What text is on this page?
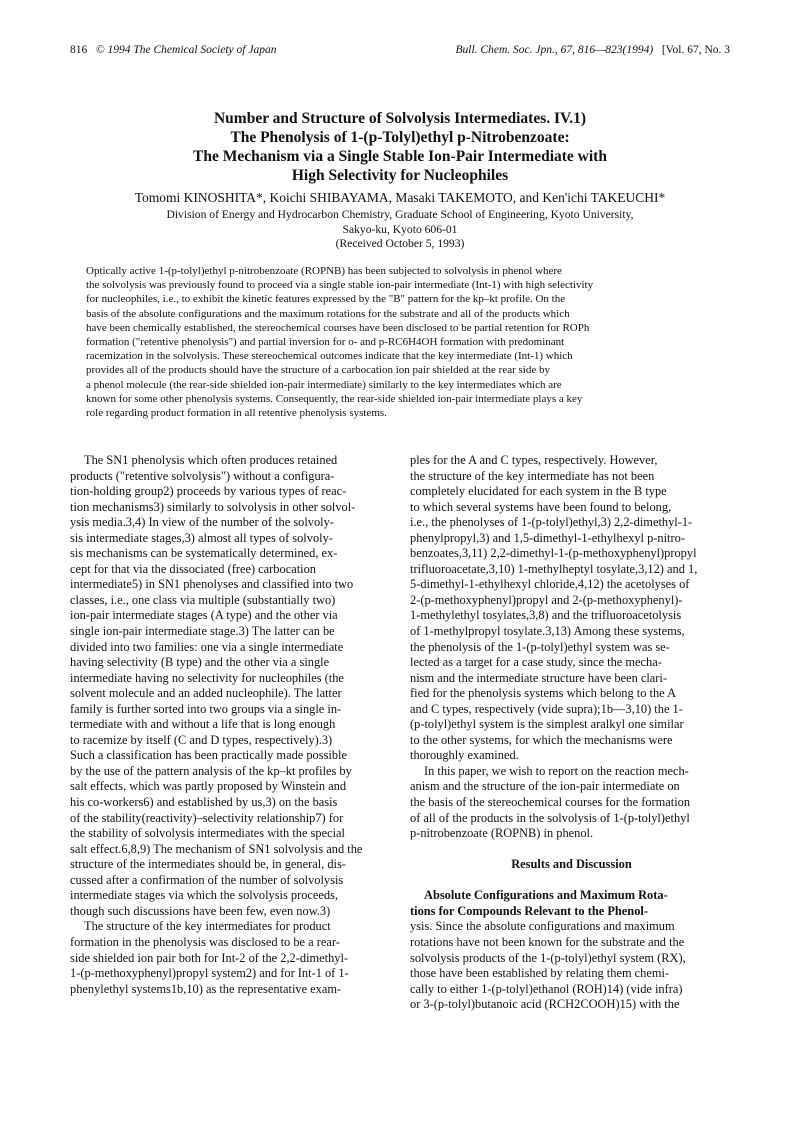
816 © 1994 The Chemical Society of Japan	Bull. Chem. Soc. Jpn., 67, 816—823(1994) [Vol. 67, No. 3
Number and Structure of Solvolysis Intermediates. IV.1)
The Phenolysis of 1-(p-Tolyl)ethyl p-Nitrobenzoate:
The Mechanism via a Single Stable Ion-Pair Intermediate with
High Selectivity for Nucleophiles
Tomomi KINOSHITA*, Koichi SHIBAYAMA, Masaki TAKEMOTO, and Ken'ichi TAKEUCHI*
Division of Energy and Hydrocarbon Chemistry, Graduate School of Engineering, Kyoto University,
Sakyo-ku, Kyoto 606-01
(Received October 5, 1993)
Optically active 1-(p-tolyl)ethyl p-nitrobenzoate (ROPNB) has been subjected to solvolysis in phenol where
the solvolysis was previously found to proceed via a single stable ion-pair intermediate (Int-1) with high selectivity
for nucleophiles, i.e., to exhibit the kinetic features expressed by the "B" pattern for the kp–kt profile. On the
basis of the absolute configurations and the maximum rotations for the substrate and all of the products which
have been chemically established, the stereochemical courses have been disclosed to be partial retention for ROPh
formation ("retentive phenolysis") and partial inversion for o- and p-RC6H4OH formation with predominant
racemization in the solvolysis. These stereochemical outcomes indicate that the key intermediate (Int-1) which
provides all of the products should have the structure of a carbocation ion pair shielded at the rear side by
a phenol molecule (the rear-side shielded ion-pair intermediate) similarly to the key intermediates which are
known for some other phenolysis systems. Consequently, the rear-side shielded ion-pair intermediate plays a key
role regarding product formation in all retentive phenolysis systems.
The SN1 phenolysis which often produces retained
products ("retentive solvolysis") without a configura-
tion-holding group2) proceeds by various types of reac-
tion mechanisms3) similarly to solvolysis in other solvol-
ysis media.3,4) In view of the number of the solvoly-
sis intermediate stages,3) almost all types of solvoly-
sis mechanisms can be systematically determined, ex-
cept for that via the dissociated (free) carbocation
intermediate5) in SN1 phenolyses and classified into two
classes, i.e., one class via multiple (substantially two)
ion-pair intermediate stages (A type) and the other via
single ion-pair intermediate stage.3) The latter can be
divided into two families: one via a single intermediate
having selectivity (B type) and the other via a single
intermediate having no selectivity for nucleophiles (the
solvent molecule and an added nucleophile). The latter
family is further sorted into two groups via a single in-
termediate with and without a life that is long enough
to racemize by itself (C and D types, respectively).3)
Such a classification has been practically made possible
by the use of the pattern analysis of the kp–kt profiles by
salt effects, which was partly proposed by Winstein and
his co-workers6) and established by us,3) on the basis
of the stability(reactivity)–selectivity relationship7) for
the stability of solvolysis intermediates with the special
salt effect.6,8,9) The mechanism of SN1 solvolysis and the
structure of the intermediates should be, in general, dis-
cussed after a confirmation of the number of solvolysis
intermediate stages via which the solvolysis proceeds,
though such discussions have been few, even now.3)
The structure of the key intermediates for product
formation in the phenolysis was disclosed to be a rear-
side shielded ion pair both for Int-2 of the 2,2-dimethyl-
1-(p-methoxyphenyl)propyl system2) and for Int-1 of 1-
phenylethyl systems1b,10) as the representative exam-
ples for the A and C types, respectively. However,
the structure of the key intermediate has not been
completely elucidated for each system in the B type
to which several systems have been found to belong,
i.e., the phenolyses of 1-(p-tolyl)ethyl,3) 2,2-dimethyl-1-
phenylpropyl,3) and 1,5-dimethyl-1-ethylhexyl p-nitro-
benzoates,3,11) 2,2-dimethyl-1-(p-methoxyphenyl)propyl
trifluoroacetate,3,10) 1-methylheptyl tosylate,3,12) and 1,
5-dimethyl-1-ethylhexyl chloride,4,12) the acetolyses of
2-(p-methoxyphenyl)propyl and 2-(p-methoxyphenyl)-
1-methylethyl tosylates,3,8) and the trifluoroacetolysis
of 1-methylpropyl tosylate.3,13) Among these systems,
the phenolysis of the 1-(p-tolyl)ethyl system was se-
lected as a target for a case study, since the mecha-
nism and the intermediate structure have been clari-
fied for the phenolysis systems which belong to the A
and C types, respectively (vide supra);1b—3,10) the 1-
(p-tolyl)ethyl system is the simplest aralkyl one similar
to the other systems, for which the mechanisms were
thoroughly examined.
In this paper, we wish to report on the reaction mech-
anism and the structure of the ion-pair intermediate on
the basis of the stereochemical courses for the formation
of all of the products in the solvolysis of 1-(p-tolyl)ethyl
p-nitrobenzoate (ROPNB) in phenol.
Results and Discussion
Absolute Configurations and Maximum Rota-
tions for Compounds Relevant to the Phenol-
ysis. Since the absolute configurations and maximum
rotations have not been known for the substrate and the
solvolysis products of the 1-(p-tolyl)ethyl system (RX),
those have been established by relating them chemi-
cally to either 1-(p-tolyl)ethanol (ROH)14) (vide infra)
or 3-(p-tolyl)butanoic acid (RCH2COOH)15) with the
